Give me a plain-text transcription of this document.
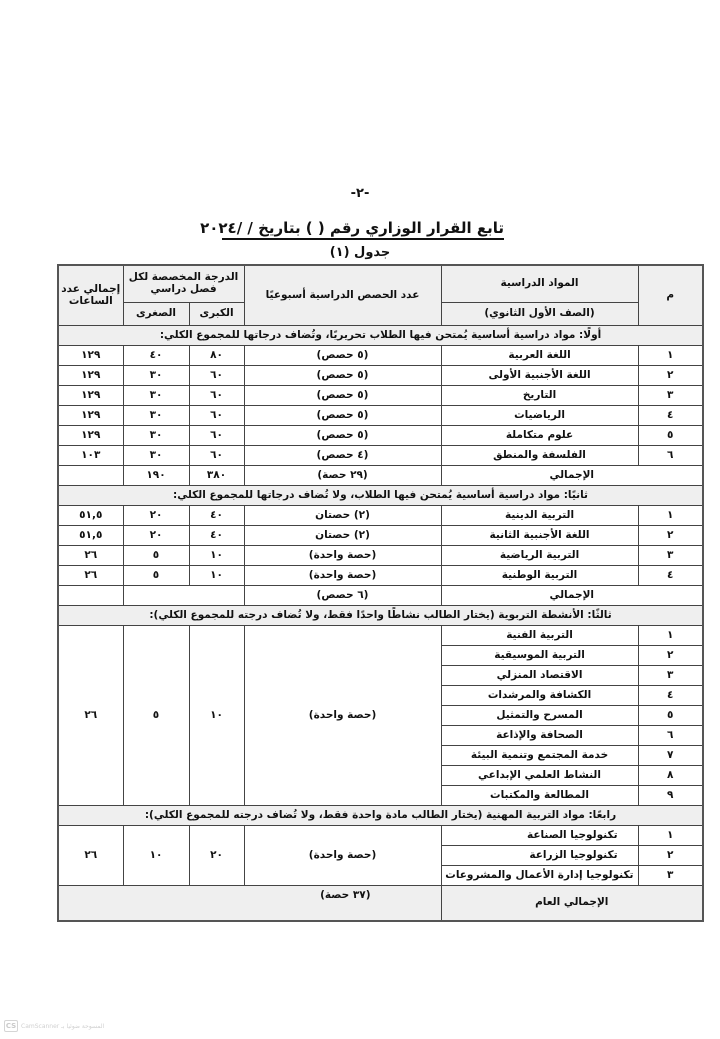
-٢-
تابع القرار الوزاري رقم ( ) بتاريخ / /٢٠٢٤
جدول (١)
م	المواد الدراسية	عدد الحصص الدراسية أسبوعيًا	الدرجة المخصصة لكل فصل دراسي		إجمالي عدد الساعات
	(الصف الأول الثانوي)		الكبرى	الصغرى	
أولًا: مواد دراسية أساسية يُمتحن فيها الطلاب تحريريًا، وتُضاف درجاتها للمجموع الكلي:					
١	اللغة العربية	(٥ حصص)	٨٠	٤٠	١٢٩
٢	اللغة الأجنبية الأولى	(٥ حصص)	٦٠	٣٠	١٢٩
٣	التاريخ	(٥ حصص)	٦٠	٣٠	١٢٩
٤	الرياضيات	(٥ حصص)	٦٠	٣٠	١٢٩
٥	علوم متكاملة	(٥ حصص)	٦٠	٣٠	١٢٩
٦	الفلسفة والمنطق	(٤ حصص)	٦٠	٣٠	١٠٣
الإجمالي		(٢٩ حصة)	٣٨٠	١٩٠	
ثانيًا: مواد دراسية أساسية يُمتحن فيها الطلاب، ولا تُضاف درجاتها للمجموع الكلي:					
١	التربية الدينية	(٢) حصتان	٤٠	٢٠	٥١,٥
٢	اللغة الأجنبية الثانية	(٢) حصتان	٤٠	٢٠	٥١,٥
٣	التربية الرياضية	(حصة واحدة)	١٠	٥	٢٦
٤	التربية الوطنية	(حصة واحدة)	١٠	٥	٢٦
الإجمالي		(٦ حصص)			
ثالثًا: الأنشطة التربوية (يختار الطالب نشاطًا واحدًا فقط، ولا تُضاف درجته للمجموع الكلي):					
١	التربية الفنية	(حصة واحدة)	١٠	٥	٢٦
٢	التربية الموسيقية				
٣	الاقتصاد المنزلي				
٤	الكشافة والمرشدات				
٥	المسرح والتمثيل				
٦	الصحافة والإذاعة				
٧	خدمة المجتمع وتنمية البيئة				
٨	النشاط العلمي الإبداعي				
٩	المطالعة والمكتبات				
رابعًا: مواد التربية المهنية (يختار الطالب مادة واحدة فقط، ولا تُضاف درجته للمجموع الكلي):					
١	تكنولوجيا الصناعة	(حصة واحدة)	٢٠	١٠	٢٦
٢	تكنولوجيا الزراعة				
٣	تكنولوجيا إدارة الأعمال والمشروعات				
الإجمالي العام		(٣٧ حصة)			
CS CamScanner المسوحة ضوئيا بـ
